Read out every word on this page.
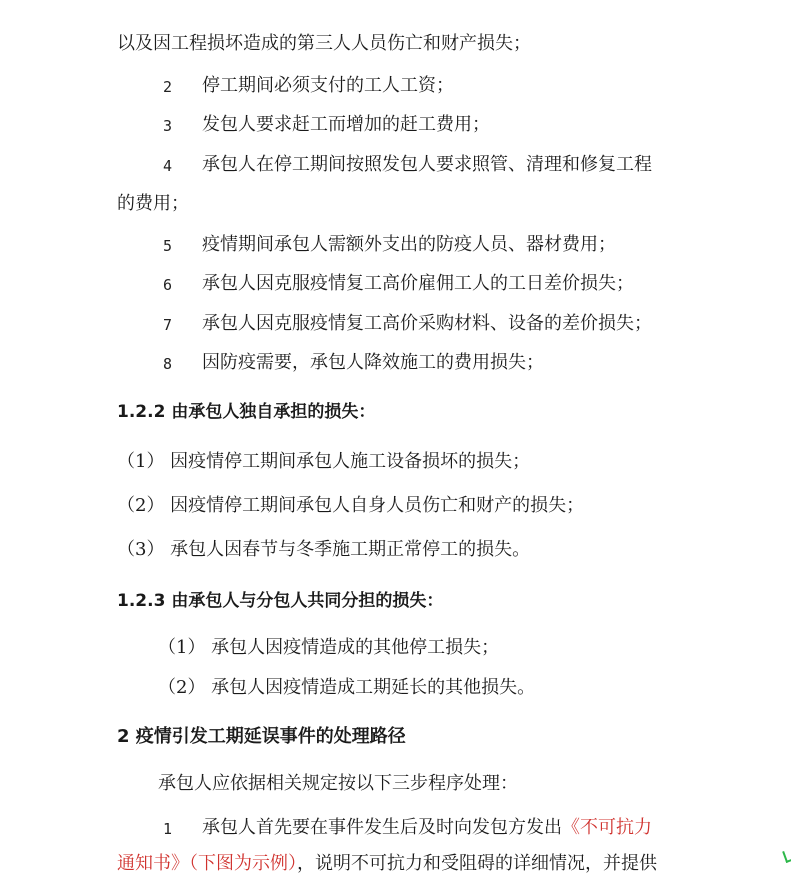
以及因工程损坏造成的第三人人员伤亡和财产损失；
2 停工期间必须支付的工人工资；
3 发包人要求赶工而增加的赶工费用；
4 承包人在停工期间按照发包人要求照管、清理和修复工程
的费用；
5 疫情期间承包人需额外支出的防疫人员、器材费用；
6 承包人因克服疫情复工高价雇佣工人的工日差价损失；
7 承包人因克服疫情复工高价采购材料、设备的差价损失；
8 因防疫需要，承包人降效施工的费用损失；
1.2.2 由承包人独自承担的损失：
（1） 因疫情停工期间承包人施工设备损坏的损失；
（2） 因疫情停工期间承包人自身人员伤亡和财产的损失；
（3） 承包人因春节与冬季施工期正常停工的损失。
1.2.3 由承包人与分包人共同分担的损失：
（1） 承包人因疫情造成的其他停工损失；
（2） 承包人因疫情造成工期延长的其他损失。
2 疫情引发工期延误事件的处理路径
承包人应依据相关规定按以下三步程序处理：
1 承包人首先要在事件发生后及时向发包方发出《不可抗力
通知书》（下图为示例），说明不可抗力和受阻碍的详细情况，并提供
